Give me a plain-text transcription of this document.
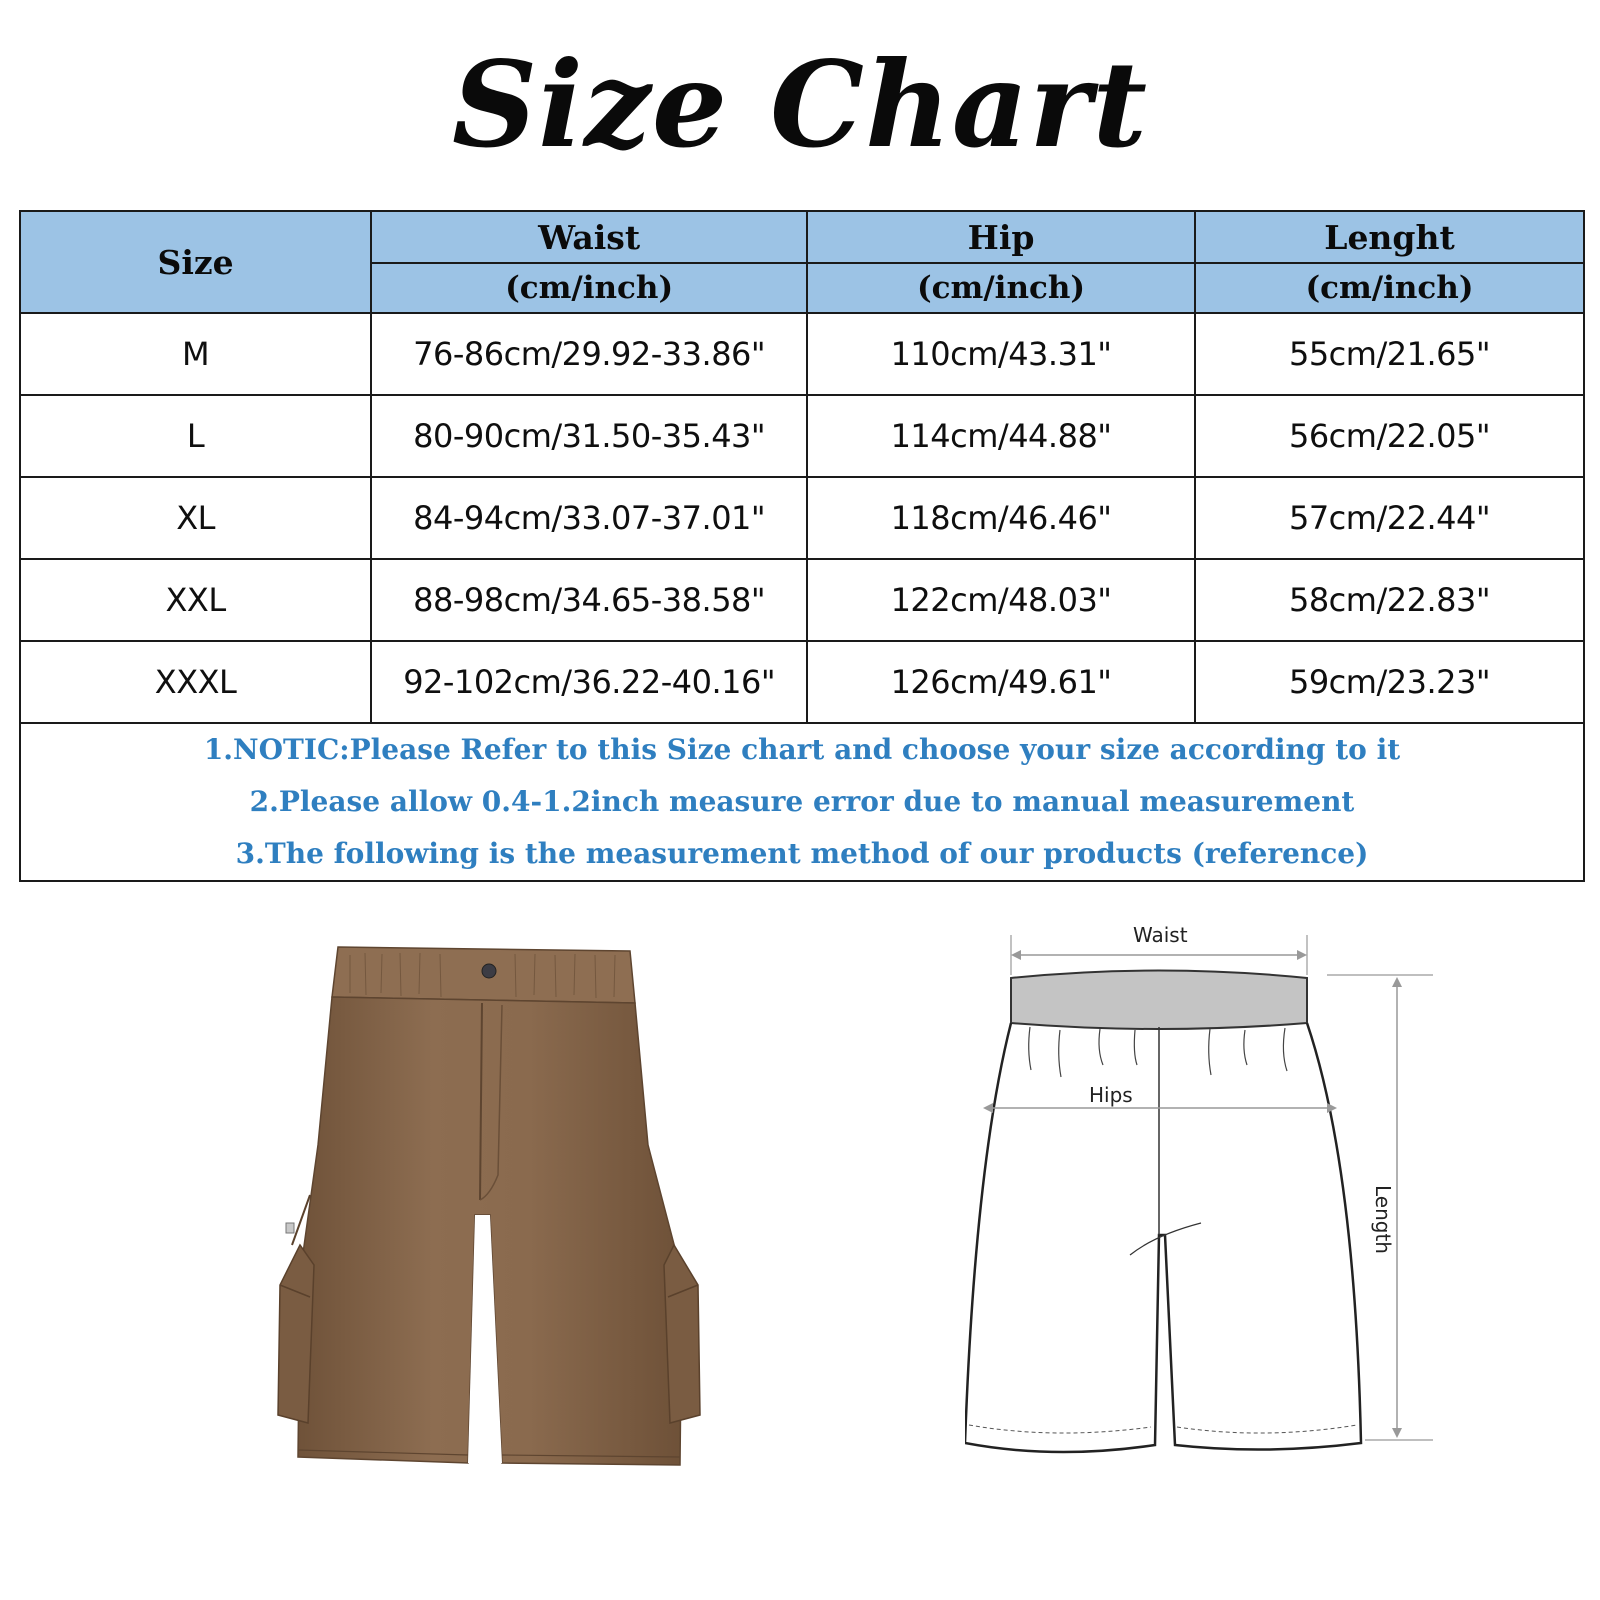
Size Chart
Size	Waist	Hip	Lenght
	(cm/inch)	(cm/inch)	(cm/inch)
M	76-86cm/29.92-33.86"	110cm/43.31"	55cm/21.65"
L	80-90cm/31.50-35.43"	114cm/44.88"	56cm/22.05"
XL	84-94cm/33.07-37.01"	118cm/46.46"	57cm/22.44"
XXL	88-98cm/34.65-38.58"	122cm/48.03"	58cm/22.83"
XXXL	92-102cm/36.22-40.16"	126cm/49.61"	59cm/23.23"

1.NOTIC:Please Refer to this Size chart and choose your size according to it
2.Please allow 0.4-1.2inch measure error due to manual measurement
3.The following is the measurement method of our products (reference)			
Waist
Hips
Length
